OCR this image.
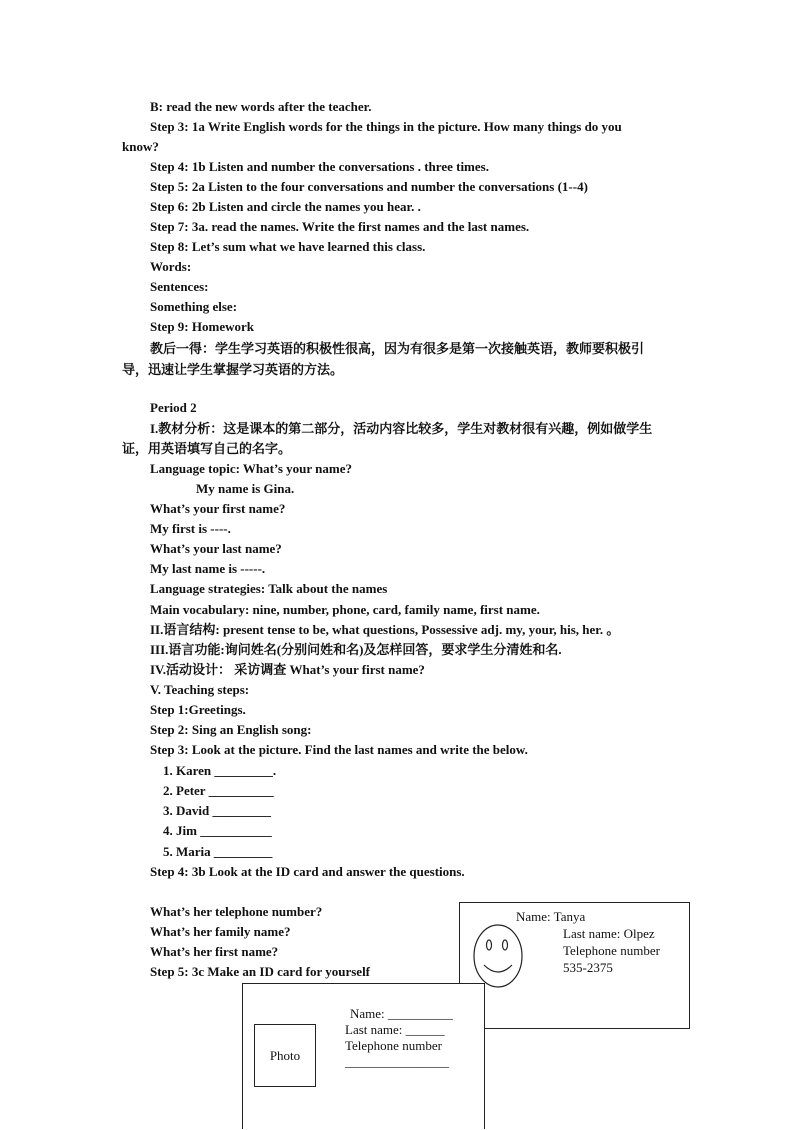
B: read the new words after the teacher.
Step 3: 1a Write English words for the things in the picture. How many things do you
know?
Step 4: 1b Listen and number the conversations . three times.
Step 5: 2a Listen to the four conversations and number the conversations (1--4)
Step 6: 2b Listen and circle the names you hear. .
Step 7: 3a. read the names. Write the first names and the last names.
Step 8: Let’s sum what we have learned this class.
Words:
Sentences:
Something else:
Step 9: Homework
教后一得：学生学习英语的积极性很高，因为有很多是第一次接触英语，教师要积极引
导，迅速让学生掌握学习英语的方法。
Period 2
I.教材分析：这是课本的第二部分，活动内容比较多，学生对教材很有兴趣，例如做学生
证，用英语填写自己的名字。
Language topic: What’s your name?
My name is Gina.
What’s your first name?
My first is ----.
What’s your last name?
My last name is -----.
Language strategies: Talk about the names
Main vocabulary: nine, number, phone, card, family name, first name.
II.语言结构: present tense to be, what questions, Possessive adj. my, your, his, her. 。
III.语言功能:询问姓名(分别问姓和名)及怎样回答，要求学生分清姓和名.
IV.活动设计： 采访调查 What’s your first name?
V. Teaching steps:
Step 1:Greetings.
Step 2: Sing an English song:
Step 3: Look at the picture. Find the last names and write the below.
1. Karen _________.
2. Peter __________
3. David _________
4. Jim ___________
5. Maria _________
Step 4: 3b Look at the ID card and answer the questions.
What’s her telephone number?
What’s her family name?
What’s her first name?
Step 5: 3c Make an ID card for yourself
Name: Tanya
Last name: Olpez
Telephone number
535-2375
Photo
Name: __________
Last name: ______
Telephone number
________________
